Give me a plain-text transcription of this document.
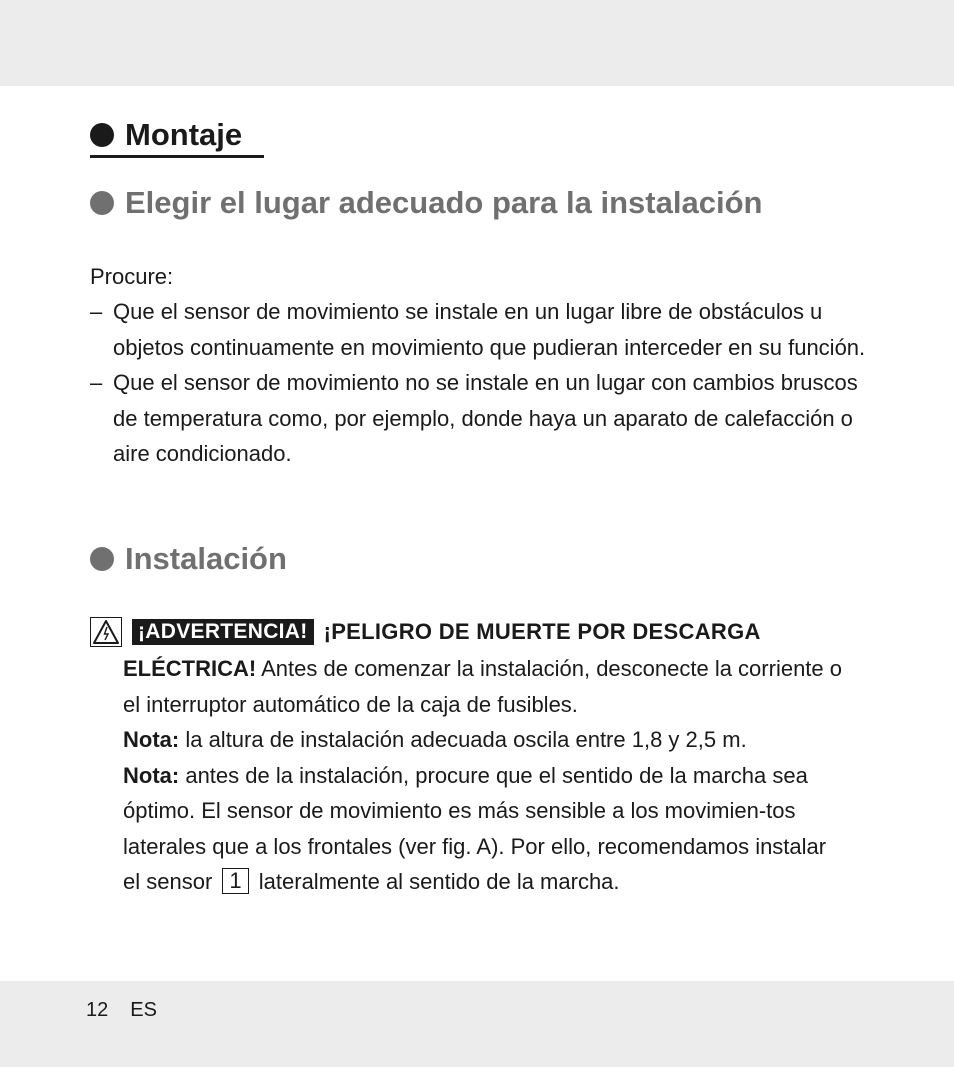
Montaje
Elegir el lugar adecuado para la instalación
Procure:
– Que el sensor de movimiento se instale en un lugar libre de obstáculos u objetos continuamente en movimiento que pudieran interceder en su función.
– Que el sensor de movimiento no se instale en un lugar con cambios bruscos de temperatura como, por ejemplo, donde haya un aparato de calefacción o aire condicionado.
Instalación
¡ADVERTENCIA! ¡PELIGRO DE MUERTE POR DESCARGA
ELÉCTRICA! Antes de comenzar la instalación, desconecte la corriente o el interruptor automático de la caja de fusibles.
Nota: la altura de instalación adecuada oscila entre 1,8 y 2,5 m.
Nota: antes de la instalación, procure que el sentido de la marcha sea óptimo. El sensor de movimiento es más sensible a los movimien-tos laterales que a los frontales (ver fig. A). Por ello, recomendamos instalar el sensor 1 lateralmente al sentido de la marcha.
12 ES
